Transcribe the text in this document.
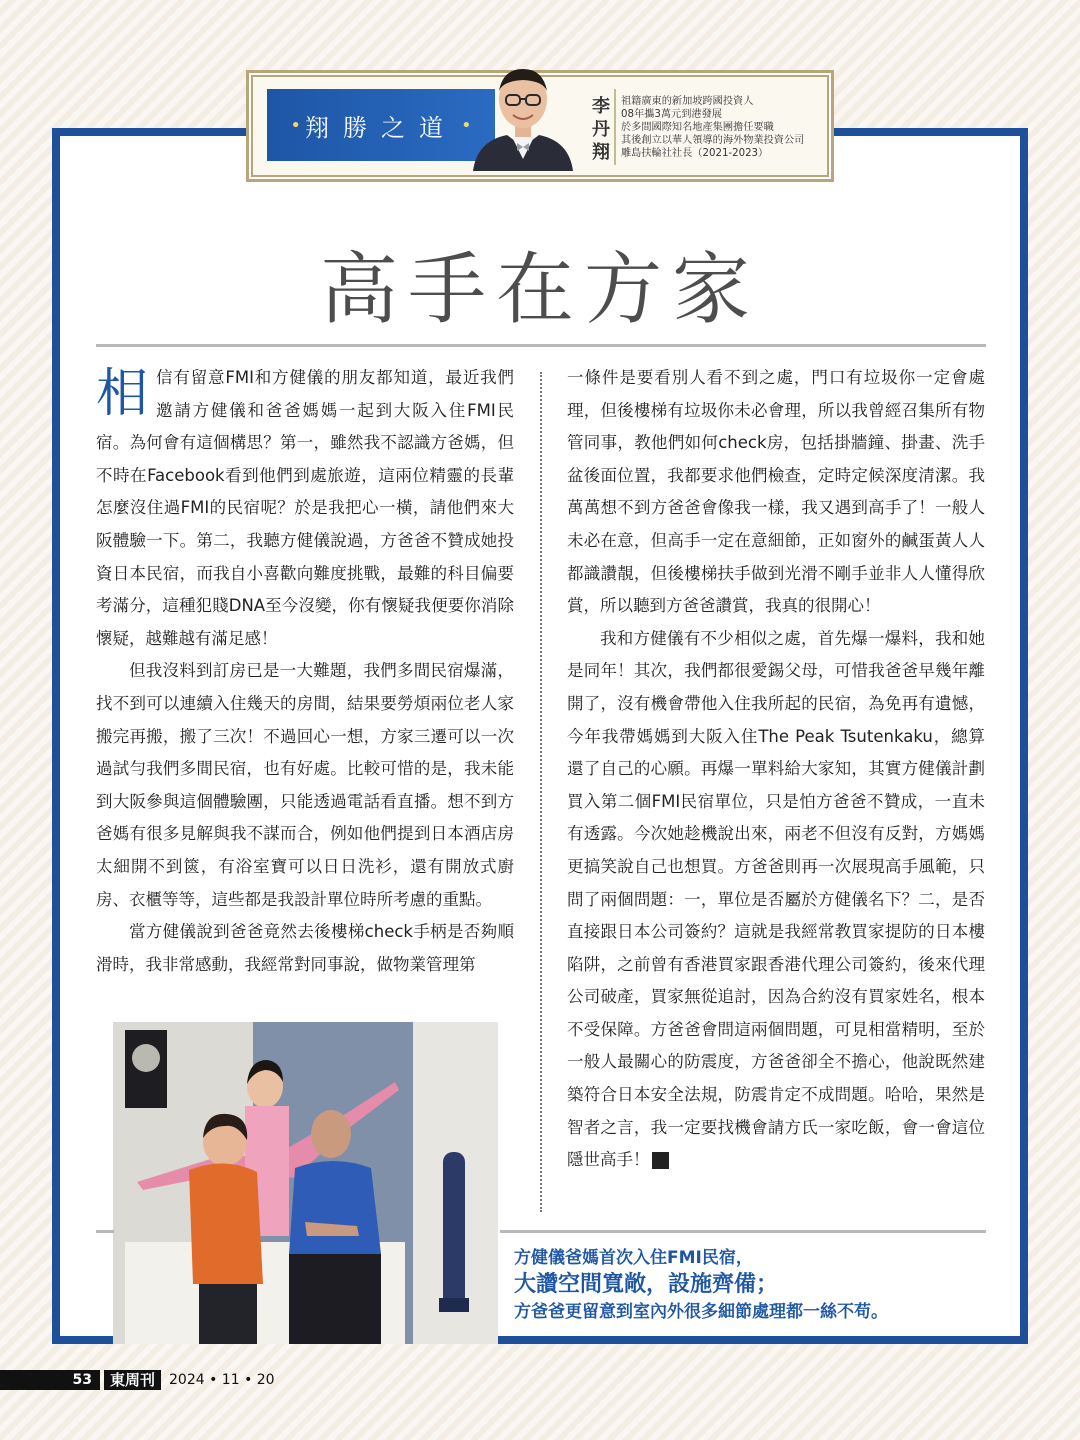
• 翔勝之道 •
李丹翔
祖籍廣東的新加坡跨國投資人
08年攜3萬元到港發展
於多間國際知名地產集團擔任要職
其後創立以華人領導的海外物業投資公司
雕島扶輪社社長（2021-2023）
高手在方家

相信有留意FMI和方健儀的朋友都知道，最近我們邀請方健儀和爸爸媽媽一起到大阪入住FMI民宿。為何會有這個構思？第一，雖然我不認識方爸媽，但不時在Facebook看到他們到處旅遊，這兩位精靈的長輩怎麼沒住過FMI的民宿呢？於是我把心一橫，請他們來大阪體驗一下。第二，我聽方健儀說過，方爸爸不贊成她投資日本民宿，而我自小喜歡向難度挑戰，最難的科目偏要考滿分，這種犯賤DNA至今沒變，你有懷疑我便要你消除懷疑，越難越有滿足感！

但我沒料到訂房已是一大難題，我們多間民宿爆滿，找不到可以連續入住幾天的房間，結果要勞煩兩位老人家搬完再搬，搬了三次！不過回心一想，方家三遷可以一次過試勻我們多間民宿，也有好處。比較可惜的是，我未能到大阪參與這個體驗團，只能透過電話看直播。想不到方爸媽有很多見解與我不謀而合，例如他們提到日本酒店房太細開不到篋，有浴室寶可以日日洗衫，還有開放式廚房、衣櫃等等，這些都是我設計單位時所考慮的重點。

當方健儀說到爸爸竟然去後樓梯check手柄是否夠順滑時，我非常感動，我經常對同事說，做物業管理第

一條件是要看別人看不到之處，門口有垃圾你一定會處理，但後樓梯有垃圾你未必會理，所以我曾經召集所有物管同事，教他們如何check房，包括掛牆鐘、掛畫、洗手盆後面位置，我都要求他們檢查，定時定候深度清潔。我萬萬想不到方爸爸會像我一樣，我又遇到高手了！一般人未必在意，但高手一定在意細節，正如窗外的鹹蛋黃人人都識讚靚，但後樓梯扶手做到光滑不剛手並非人人懂得欣賞，所以聽到方爸爸讚賞，我真的很開心！

我和方健儀有不少相似之處，首先爆一爆料，我和她是同年！其次，我們都很愛錫父母，可惜我爸爸早幾年離開了，沒有機會帶他入住我所起的民宿，為免再有遺憾，今年我帶媽媽到大阪入住The Peak Tsutenkaku，總算還了自己的心願。再爆一單料給大家知，其實方健儀計劃買入第二個FMI民宿單位，只是怕方爸爸不贊成，一直未有透露。今次她趁機說出來，兩老不但沒有反對，方媽媽更搞笑說自己也想買。方爸爸則再一次展現高手風範，只問了兩個問題：一，單位是否屬於方健儀名下？二，是否直接跟日本公司簽約？這就是我經常教買家提防的日本樓陷阱，之前曾有香港買家跟香港代理公司簽約，後來代理公司破產，買家無從追討，因為合約沒有買家姓名，根本不受保障。方爸爸會問這兩個問題，可見相當精明，至於一般人最關心的防震度，方爸爸卻全不擔心，他說既然建築符合日本安全法規，防震肯定不成問題。哈哈，果然是智者之言，我一定要找機會請方氏一家吃飯，會一會這位隱世高手！	東

方健儀爸媽首次入住FMI民宿，
大讚空間寬敞，設施齊備；
方爸爸更留意到室內外很多細節處理都一絲不苟。
53	東周刊	2024 • 11 • 20
